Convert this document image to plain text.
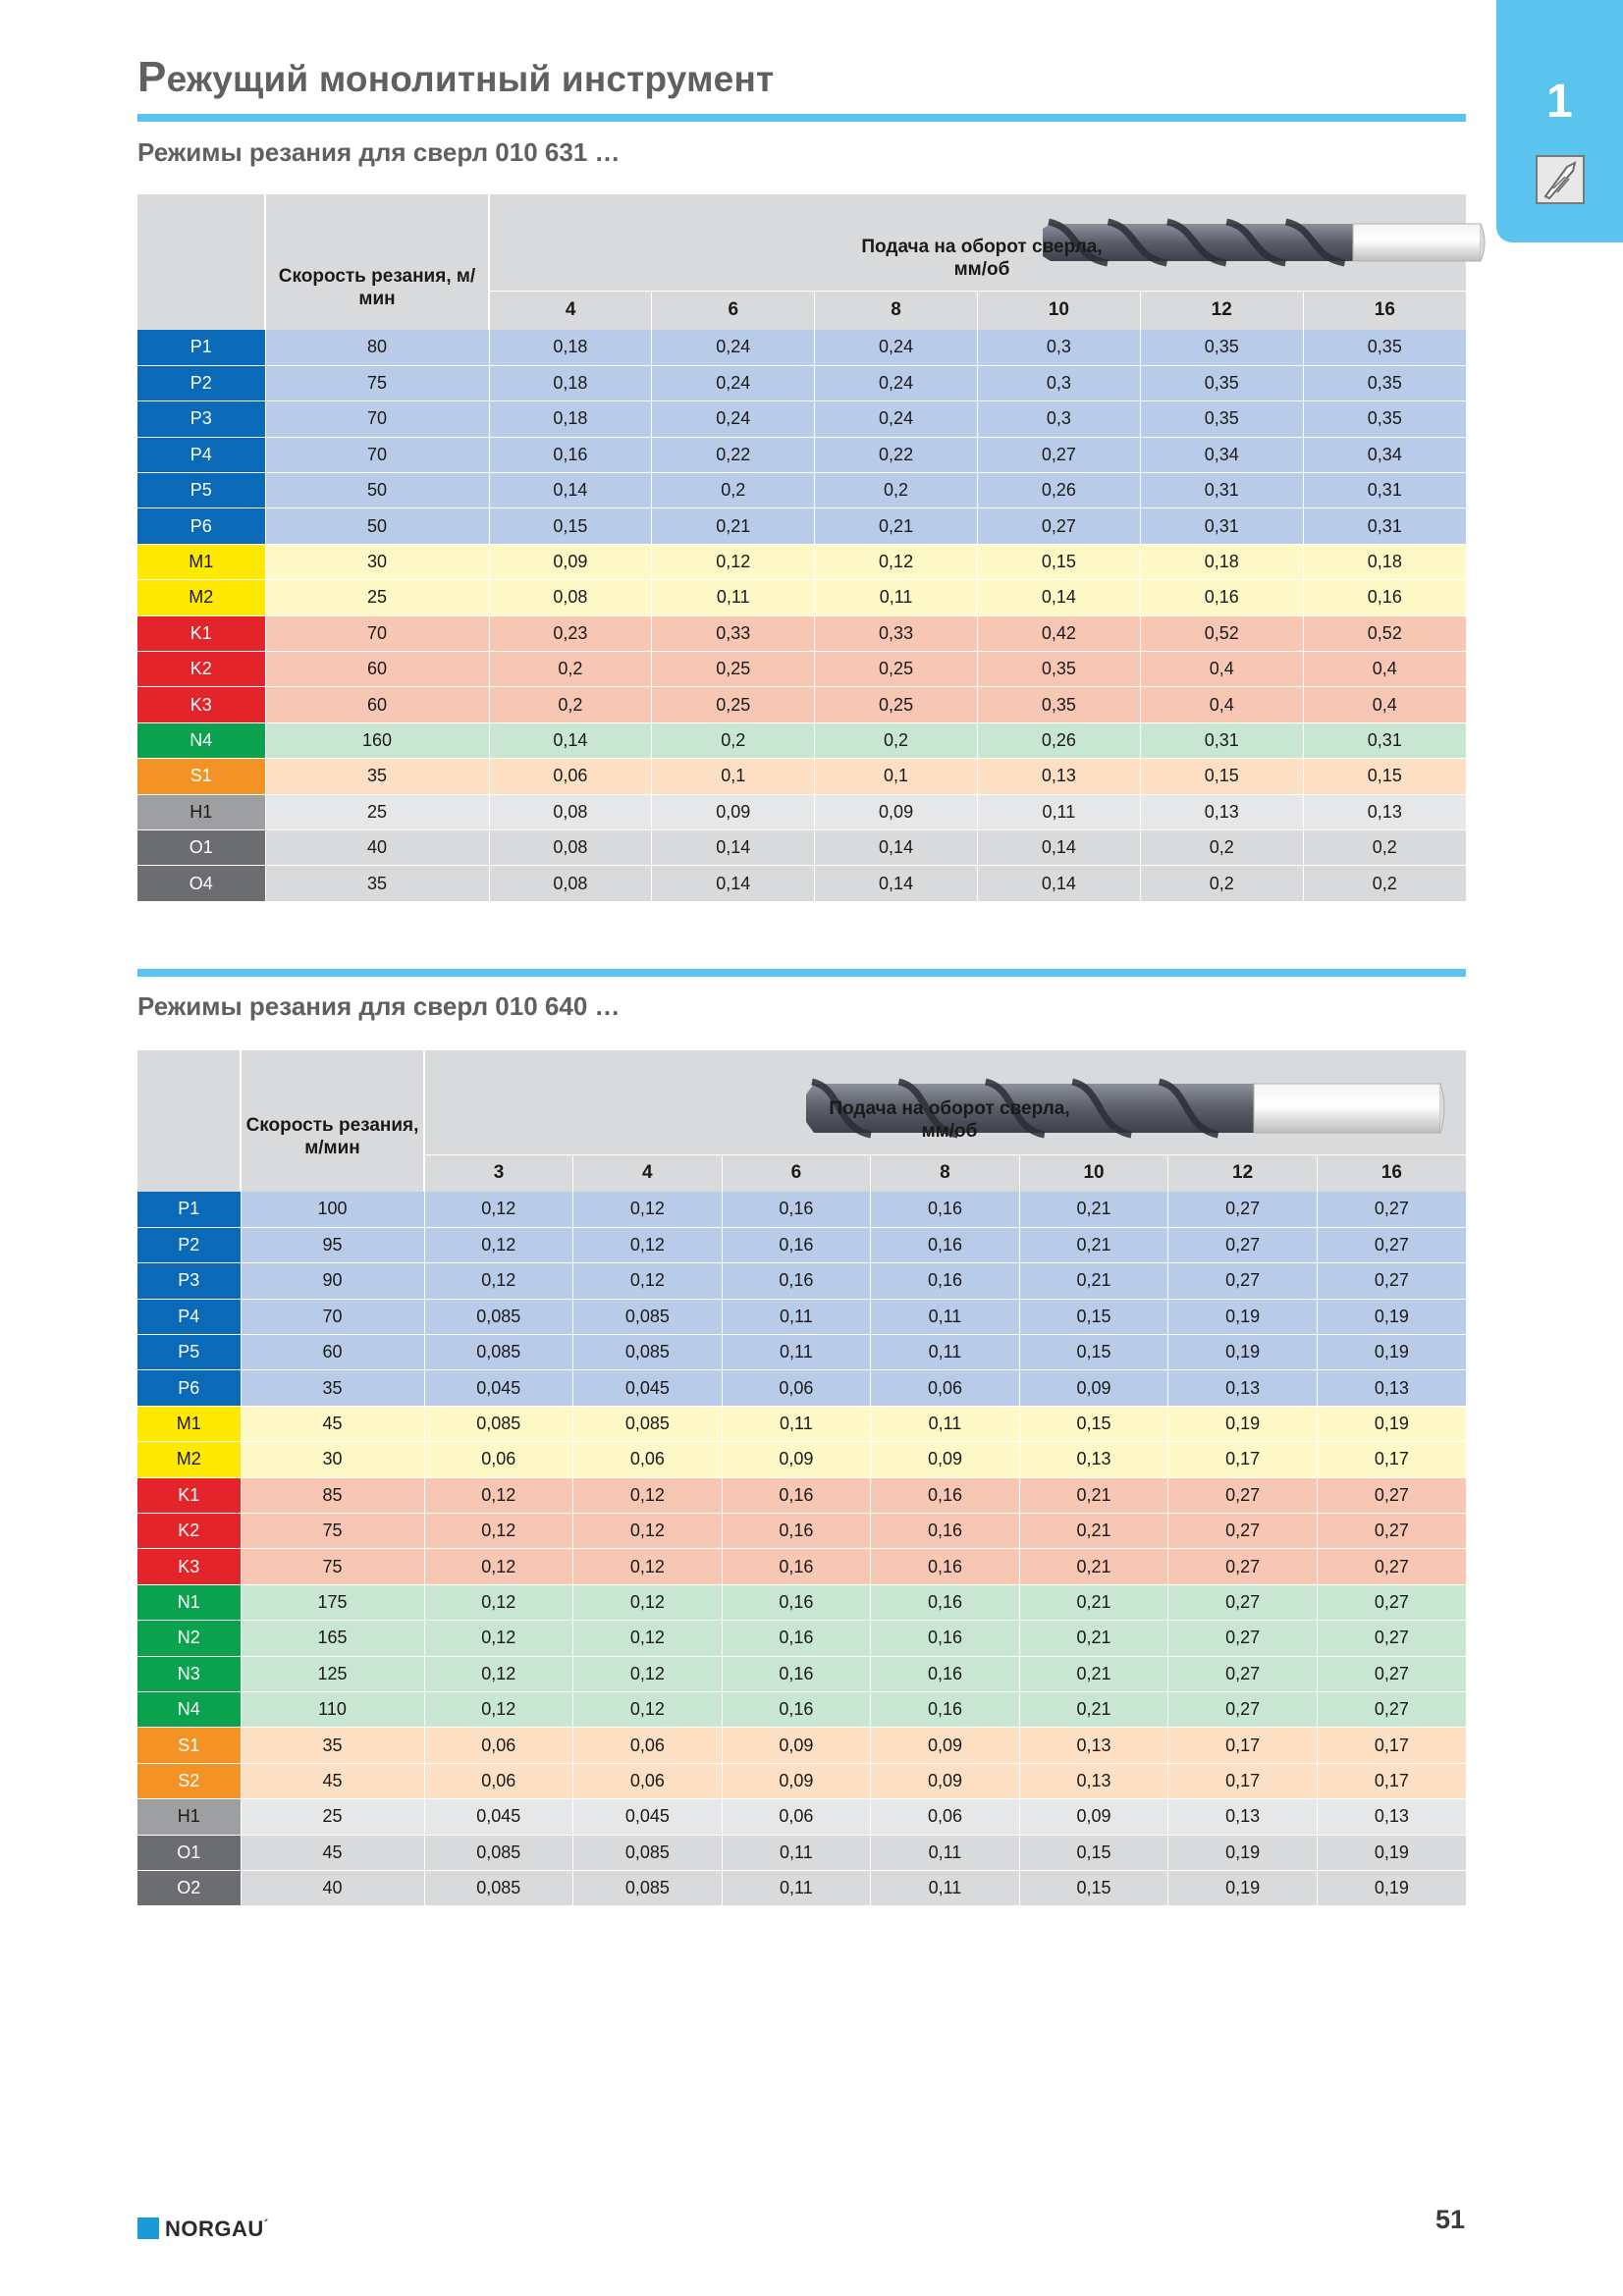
Режущий монолитный инструмент	1
Режимы резания для сверл 010 631 …
	Скорость резания, м/мин	Подача на оборот сверла, мм/об					

		4	6	8	10	12	16
P1	80	0,18	0,24	0,24	0,3	0,35	0,35
P2	75	0,18	0,24	0,24	0,3	0,35	0,35
P3	70	0,18	0,24	0,24	0,3	0,35	0,35
P4	70	0,16	0,22	0,22	0,27	0,34	0,34
P5	50	0,14	0,2	0,2	0,26	0,31	0,31
P6	50	0,15	0,21	0,21	0,27	0,31	0,31
M1	30	0,09	0,12	0,12	0,15	0,18	0,18
M2	25	0,08	0,11	0,11	0,14	0,16	0,16
K1	70	0,23	0,33	0,33	0,42	0,52	0,52
K2	60	0,2	0,25	0,25	0,35	0,4	0,4
K3	60	0,2	0,25	0,25	0,35	0,4	0,4
N4	160	0,14	0,2	0,2	0,26	0,31	0,31
S1	35	0,06	0,1	0,1	0,13	0,15	0,15
H1	25	0,08	0,09	0,09	0,11	0,13	0,13
O1	40	0,08	0,14	0,14	0,14	0,2	0,2
O4	35	0,08	0,14	0,14	0,14	0,2	0,2
Режимы резания для сверл 010 640 …
	Скорость резания, м/мин	Подача на оборот сверла, мм/об						

		3	4	6	8	10	12	16
P1	100	0,12	0,12	0,16	0,16	0,21	0,27	0,27
P2	95	0,12	0,12	0,16	0,16	0,21	0,27	0,27
P3	90	0,12	0,12	0,16	0,16	0,21	0,27	0,27
P4	70	0,085	0,085	0,11	0,11	0,15	0,19	0,19
P5	60	0,085	0,085	0,11	0,11	0,15	0,19	0,19
P6	35	0,045	0,045	0,06	0,06	0,09	0,13	0,13
M1	45	0,085	0,085	0,11	0,11	0,15	0,19	0,19
M2	30	0,06	0,06	0,09	0,09	0,13	0,17	0,17
K1	85	0,12	0,12	0,16	0,16	0,21	0,27	0,27
K2	75	0,12	0,12	0,16	0,16	0,21	0,27	0,27
K3	75	0,12	0,12	0,16	0,16	0,21	0,27	0,27
N1	175	0,12	0,12	0,16	0,16	0,21	0,27	0,27
N2	165	0,12	0,12	0,16	0,16	0,21	0,27	0,27
N3	125	0,12	0,12	0,16	0,16	0,21	0,27	0,27
N4	110	0,12	0,12	0,16	0,16	0,21	0,27	0,27
S1	35	0,06	0,06	0,09	0,09	0,13	0,17	0,17
S2	45	0,06	0,06	0,09	0,09	0,13	0,17	0,17
H1	25	0,045	0,045	0,06	0,06	0,09	0,13	0,13
O1	45	0,085	0,085	0,11	0,11	0,15	0,19	0,19
O2	40	0,085	0,085	0,11	0,11	0,15	0,19	0,19
NORGAU´	51
